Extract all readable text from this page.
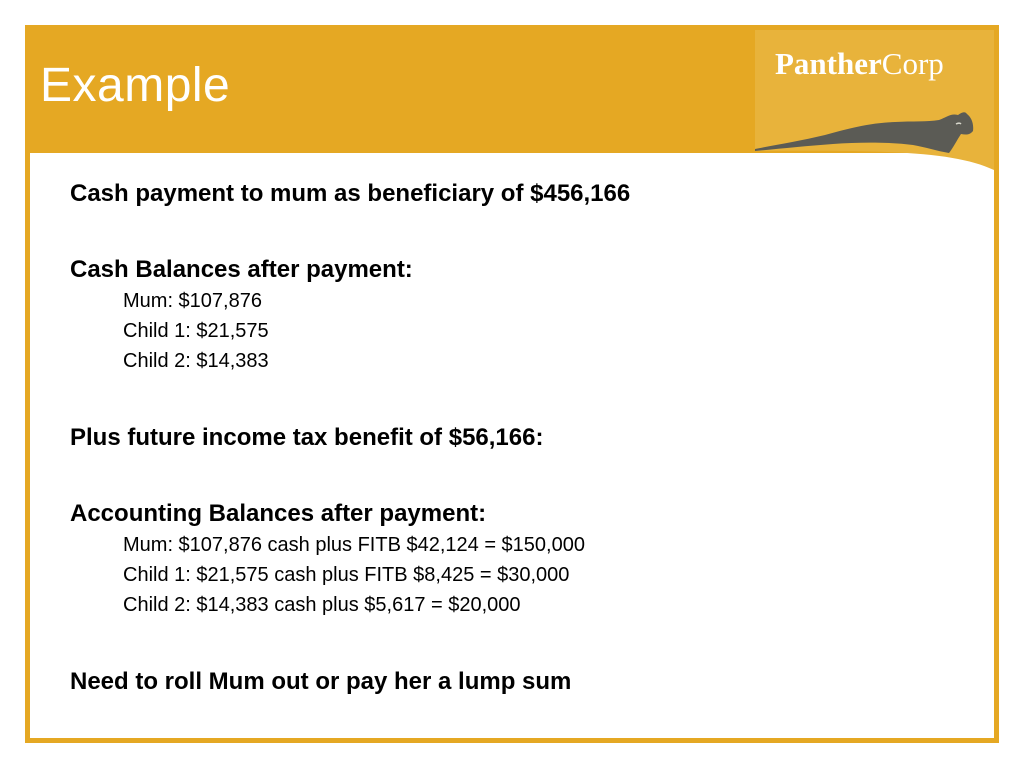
Example	PantherCorp
Cash payment to mum as beneficiary of $456,166
Cash Balances after payment:
Mum: $107,876
Child 1: $21,575
Child 2: $14,383
Plus future income tax benefit of $56,166:
Accounting Balances after payment:
Mum: $107,876 cash plus FITB $42,124 = $150,000
Child 1: $21,575 cash plus FITB $8,425 = $30,000
Child 2: $14,383 cash plus $5,617 = $20,000
Need to roll Mum out or pay her a lump sum
